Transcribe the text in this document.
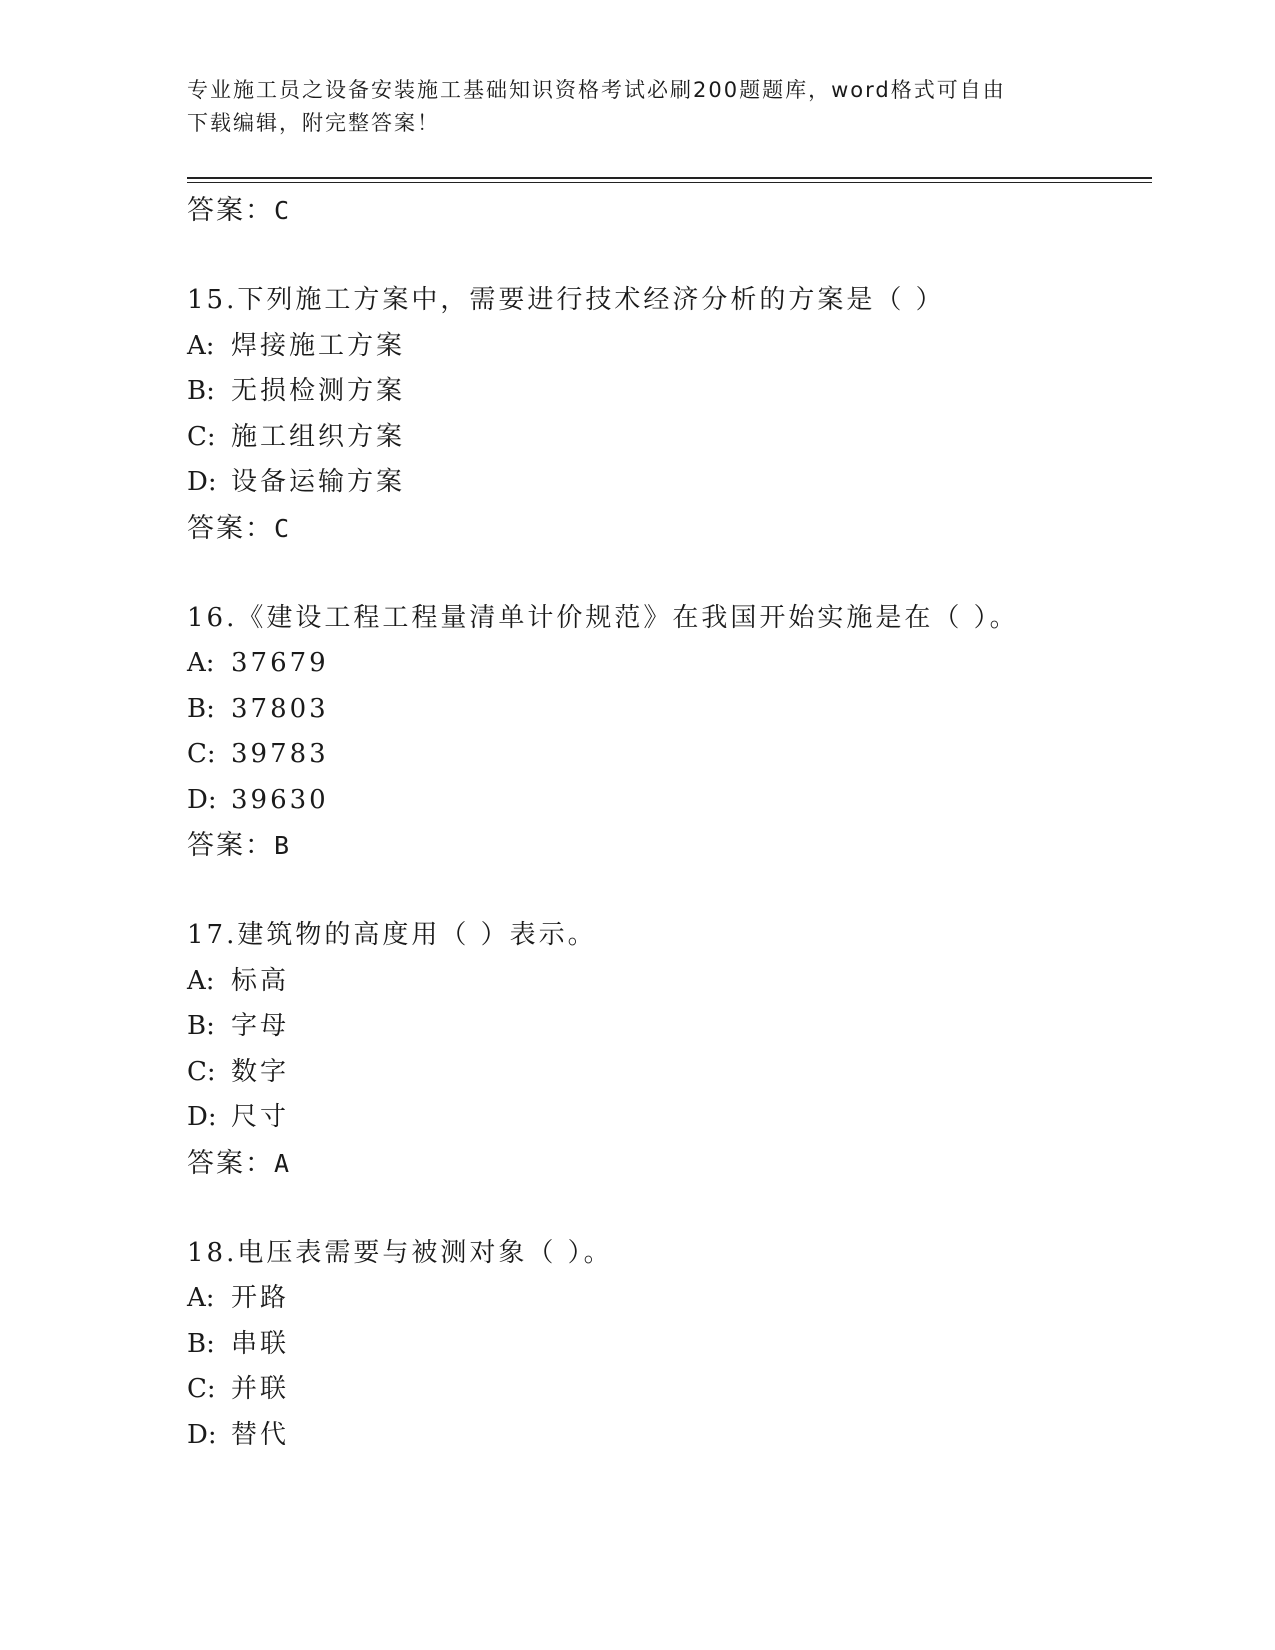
专业施工员之设备安装施工基础知识资格考试必刷200题题库，word格式可自由
下载编辑，附完整答案！
答案：C
15.下列施工方案中，需要进行技术经济分析的方案是（ ）
A: 焊接施工方案
B: 无损检测方案
C: 施工组织方案
D: 设备运输方案
答案：C
16.《建设工程工程量清单计价规范》在我国开始实施是在（ ）。
A: 37679
B: 37803
C: 39783
D: 39630
答案：B
17.建筑物的高度用（ ）表示。
A: 标高
B: 字母
C: 数字
D: 尺寸
答案：A
18.电压表需要与被测对象（ ）。
A: 开路
B: 串联
C: 并联
D: 替代
